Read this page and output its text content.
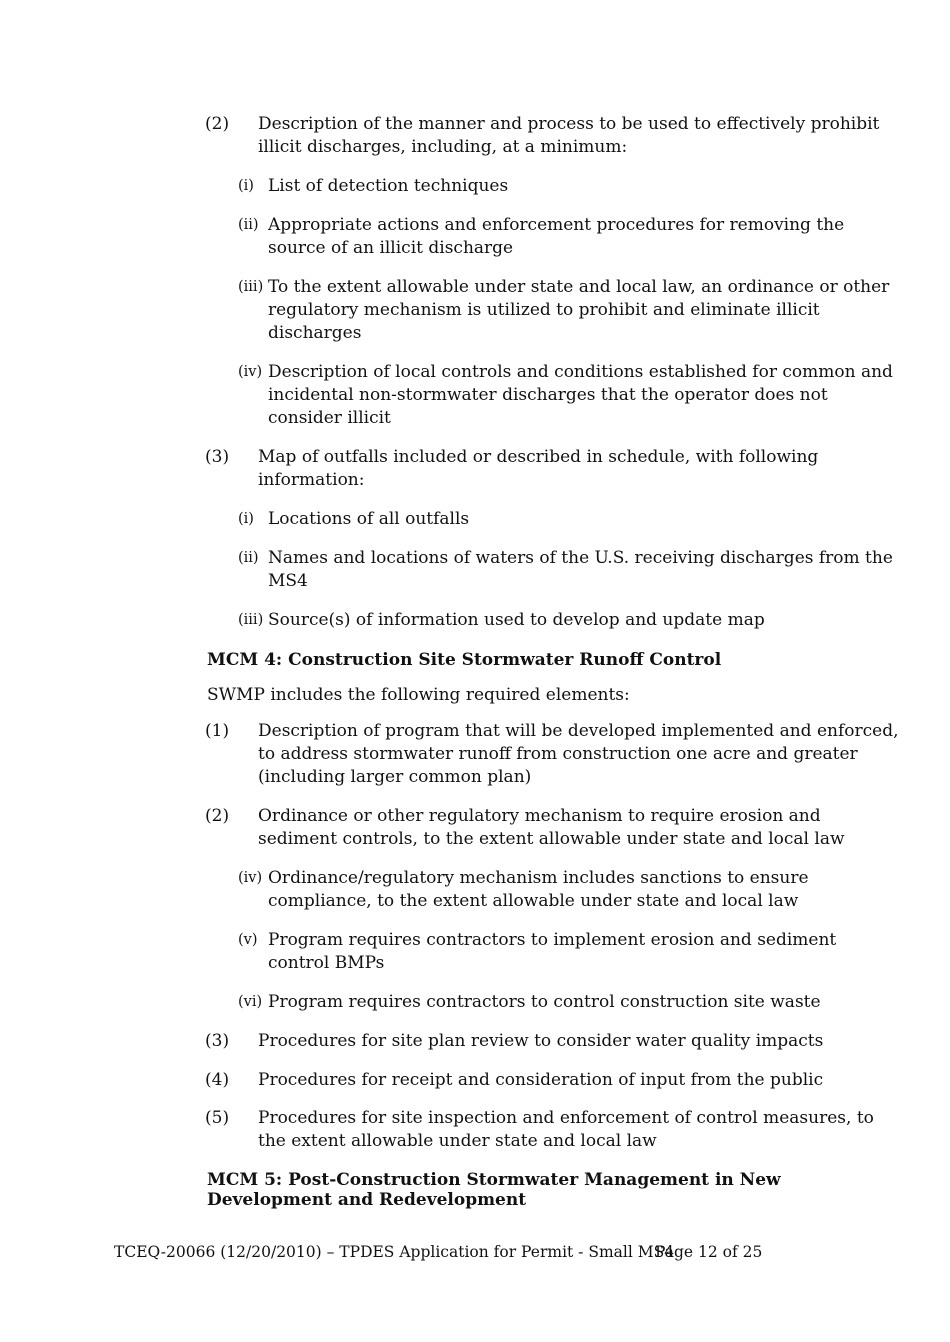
(2) Description of the manner and process to be used to effectively prohibit
illicit discharges, including, at a minimum:
(i) List of detection techniques
(ii) Appropriate actions and enforcement procedures for removing the
source of an illicit discharge
(iii) To the extent allowable under state and local law, an ordinance or other
regulatory mechanism is utilized to prohibit and eliminate illicit
discharges
(iv) Description of local controls and conditions established for common and
incidental non-stormwater discharges that the operator does not
consider illicit
(3) Map of outfalls included or described in schedule, with following
information:
(i) Locations of all outfalls
(ii) Names and locations of waters of the U.S. receiving discharges from the
MS4
(iii) Source(s) of information used to develop and update map
MCM 4: Construction Site Stormwater Runoff Control
SWMP includes the following required elements:
(1) Description of program that will be developed implemented and enforced,
to address stormwater runoff from construction one acre and greater
(including larger common plan)
(2) Ordinance or other regulatory mechanism to require erosion and
sediment controls, to the extent allowable under state and local law
(iv) Ordinance/regulatory mechanism includes sanctions to ensure
compliance, to the extent allowable under state and local law
(v) Program requires contractors to implement erosion and sediment
control BMPs
(vi) Program requires contractors to control construction site waste
(3) Procedures for site plan review to consider water quality impacts
(4) Procedures for receipt and consideration of input from the public
(5) Procedures for site inspection and enforcement of control measures, to
the extent allowable under state and local law
MCM 5: Post-Construction Stormwater Management in New
Development and Redevelopment
TCEQ-20066 (12/20/2010) – TPDES Application for Permit - Small MS4
Page 12 of 25
